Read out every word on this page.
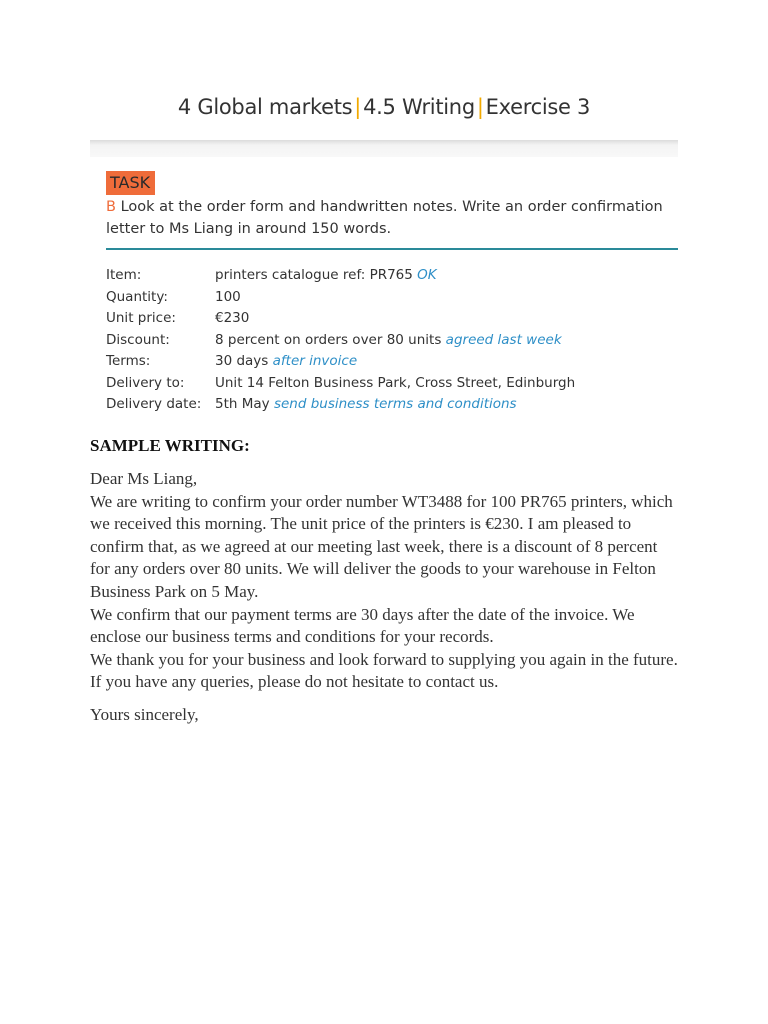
4 Global markets|4.5 Writing|Exercise 3
TASK
B Look at the order form and handwritten notes. Write an order confirmation letter to Ms Liang in around 150 words.
Item:	printers catalogue ref: PR765 OK
Quantity:	100
Unit price:	€230
Discount:	8 percent on orders over 80 units agreed last week
Terms:	30 days after invoice
Delivery to:	Unit 14 Felton Business Park, Cross Street, Edinburgh
Delivery date:	5th May send business terms and conditions
SAMPLE WRITING:

Dear Ms Liang,

We are writing to confirm your order number WT3488 for 100 PR765 printers, which we received this morning. The unit price of the printers is €230. I am pleased to confirm that, as we agreed at our meeting last week, there is a discount of 8 percent for any orders over 80 units. We will deliver the goods to your warehouse in Felton Business Park on 5 May.

We confirm that our payment terms are 30 days after the date of the invoice. We enclose our business terms and conditions for your records.

We thank you for your business and look forward to supplying you again in the future.

If you have any queries, please do not hesitate to contact us.

Yours sincerely,
